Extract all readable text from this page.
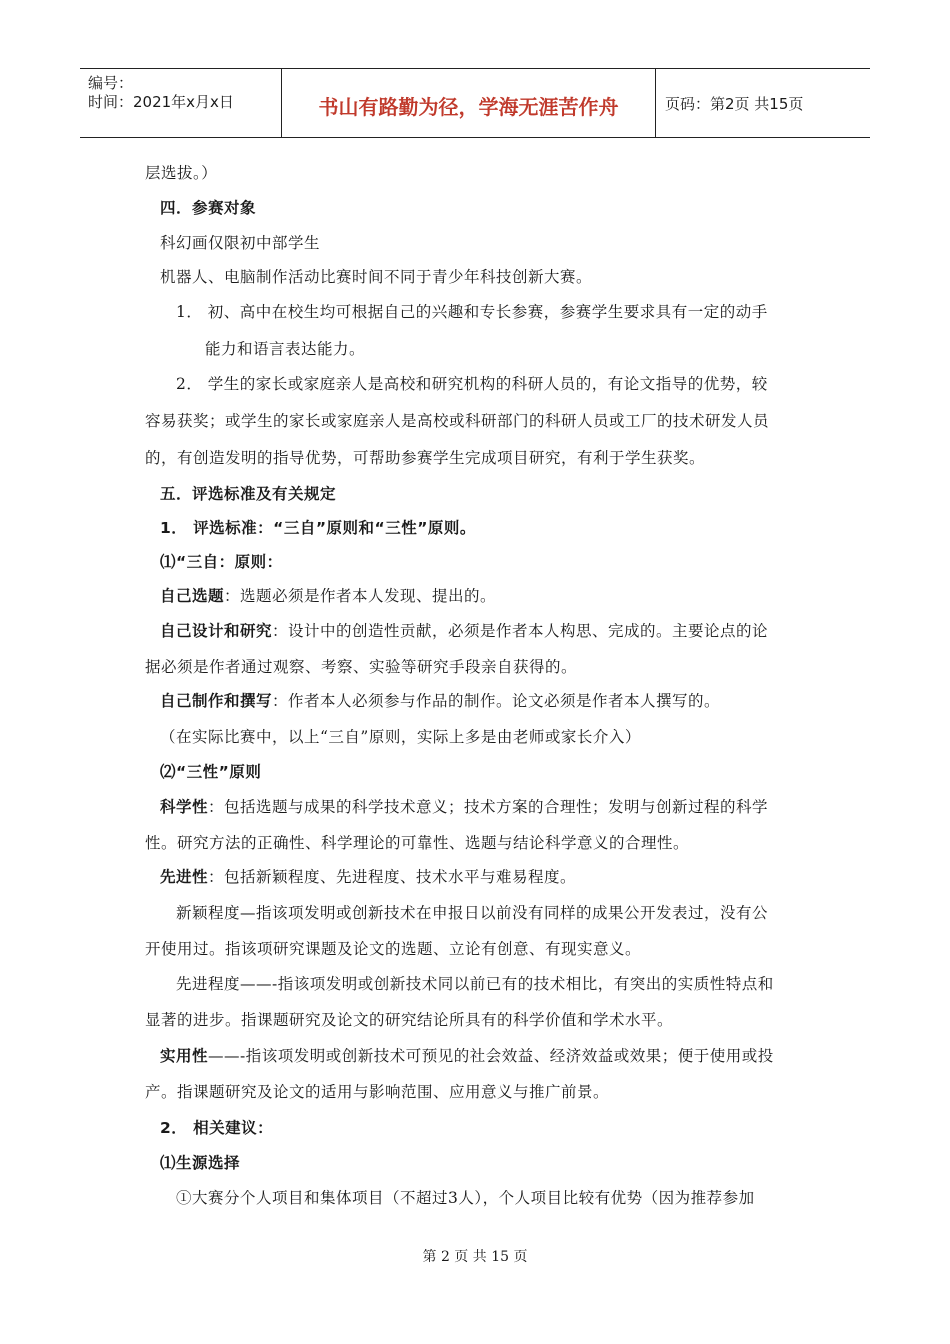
编号：
时间：2021年x月x日	书山有路勤为径，学海无涯苦作舟	页码：第2页 共15页
层选拔。）
四．参赛对象
科幻画仅限初中部学生
机器人、电脑制作活动比赛时间不同于青少年科技创新大赛。
1． 初、高中在校生均可根据自己的兴趣和专长参赛，参赛学生要求具有一定的动手
能力和语言表达能力。
2． 学生的家长或家庭亲人是高校和研究机构的科研人员的，有论文指导的优势，较
容易获奖；或学生的家长或家庭亲人是高校或科研部门的科研人员或工厂的技术研发人员
的，有创造发明的指导优势，可帮助参赛学生完成项目研究，有利于学生获奖。
五．评选标准及有关规定
1． 评选标准：“三自”原则和“三性”原则。
⑴“三自：原则：
自己选题：选题必须是作者本人发现、提出的。
自己设计和研究：设计中的创造性贡献，必须是作者本人构思、完成的。主要论点的论
据必须是作者通过观察、考察、实验等研究手段亲自获得的。
自己制作和撰写：作者本人必须参与作品的制作。论文必须是作者本人撰写的。
（在实际比赛中，以上“三自”原则，实际上多是由老师或家长介入）
⑵“三性”原则
科学性：包括选题与成果的科学技术意义；技术方案的合理性；发明与创新过程的科学
性。研究方法的正确性、科学理论的可靠性、选题与结论科学意义的合理性。
先进性：包括新颖程度、先进程度、技术水平与难易程度。
新颖程度—指该项发明或创新技术在申报日以前没有同样的成果公开发表过，没有公
开使用过。指该项研究课题及论文的选题、立论有创意、有现实意义。
先进程度——-指该项发明或创新技术同以前已有的技术相比，有突出的实质性特点和
显著的进步。指课题研究及论文的研究结论所具有的科学价值和学术水平。
实用性——-指该项发明或创新技术可预见的社会效益、经济效益或效果；便于使用或投
产。指课题研究及论文的适用与影响范围、应用意义与推广前景。
2． 相关建议：
⑴生源选择
①大赛分个人项目和集体项目（不超过3人），个人项目比较有优势（因为推荐参加
第 2 页 共 15 页
